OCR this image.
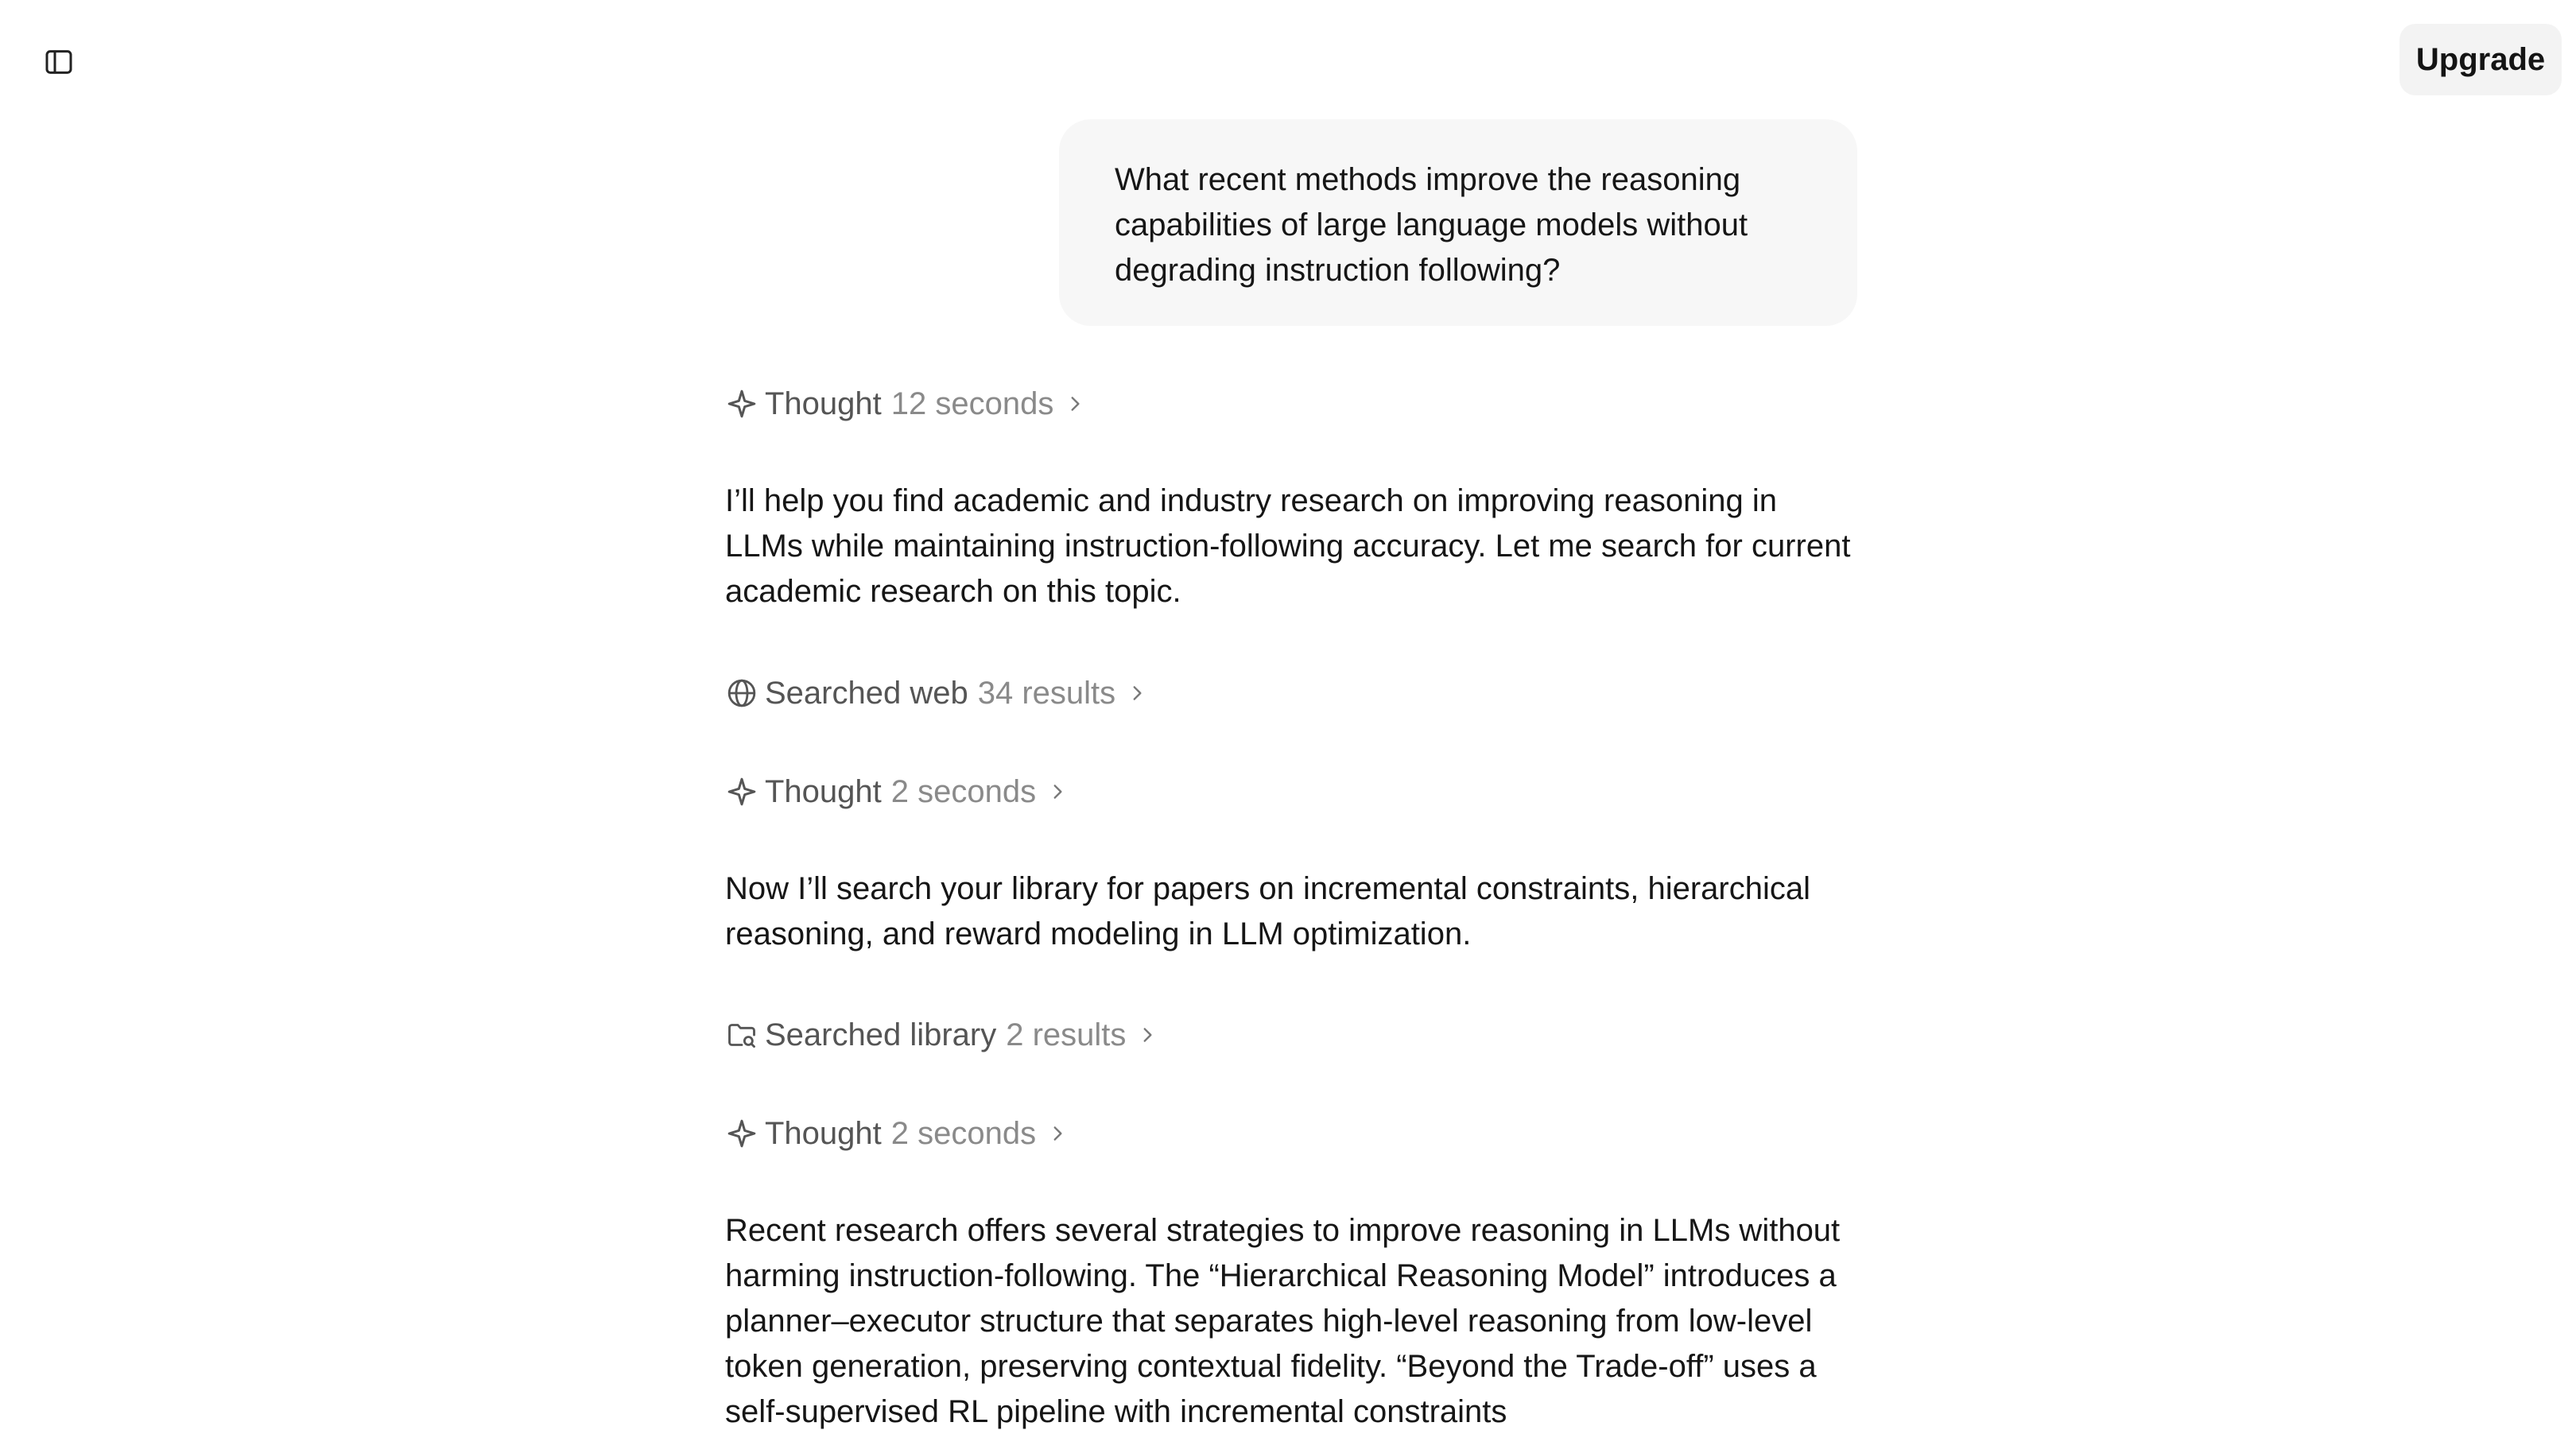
Upgrade
What recent methods improve the reasoning capabilities of large language models without degrading instruction following?
Thought 12 seconds

I’ll help you find academic and industry research on improving reasoning in LLMs while maintaining instruction-following accuracy. Let me search for current academic research on this topic.

Searched web 34 results
Thought 2 seconds

Now I’ll search your library for papers on incremental constraints, hierarchical reasoning, and reward modeling in LLM optimization.

Searched library 2 results
Thought 2 seconds

Recent research offers several strategies to improve reasoning in LLMs without harming instruction-following. The “Hierarchical Reasoning Model” introduces a planner–executor structure that separates high-level reasoning from low-level token generation, preserving contextual fidelity. “Beyond the Trade-off” uses a self-supervised RL pipeline with incremental constraints
